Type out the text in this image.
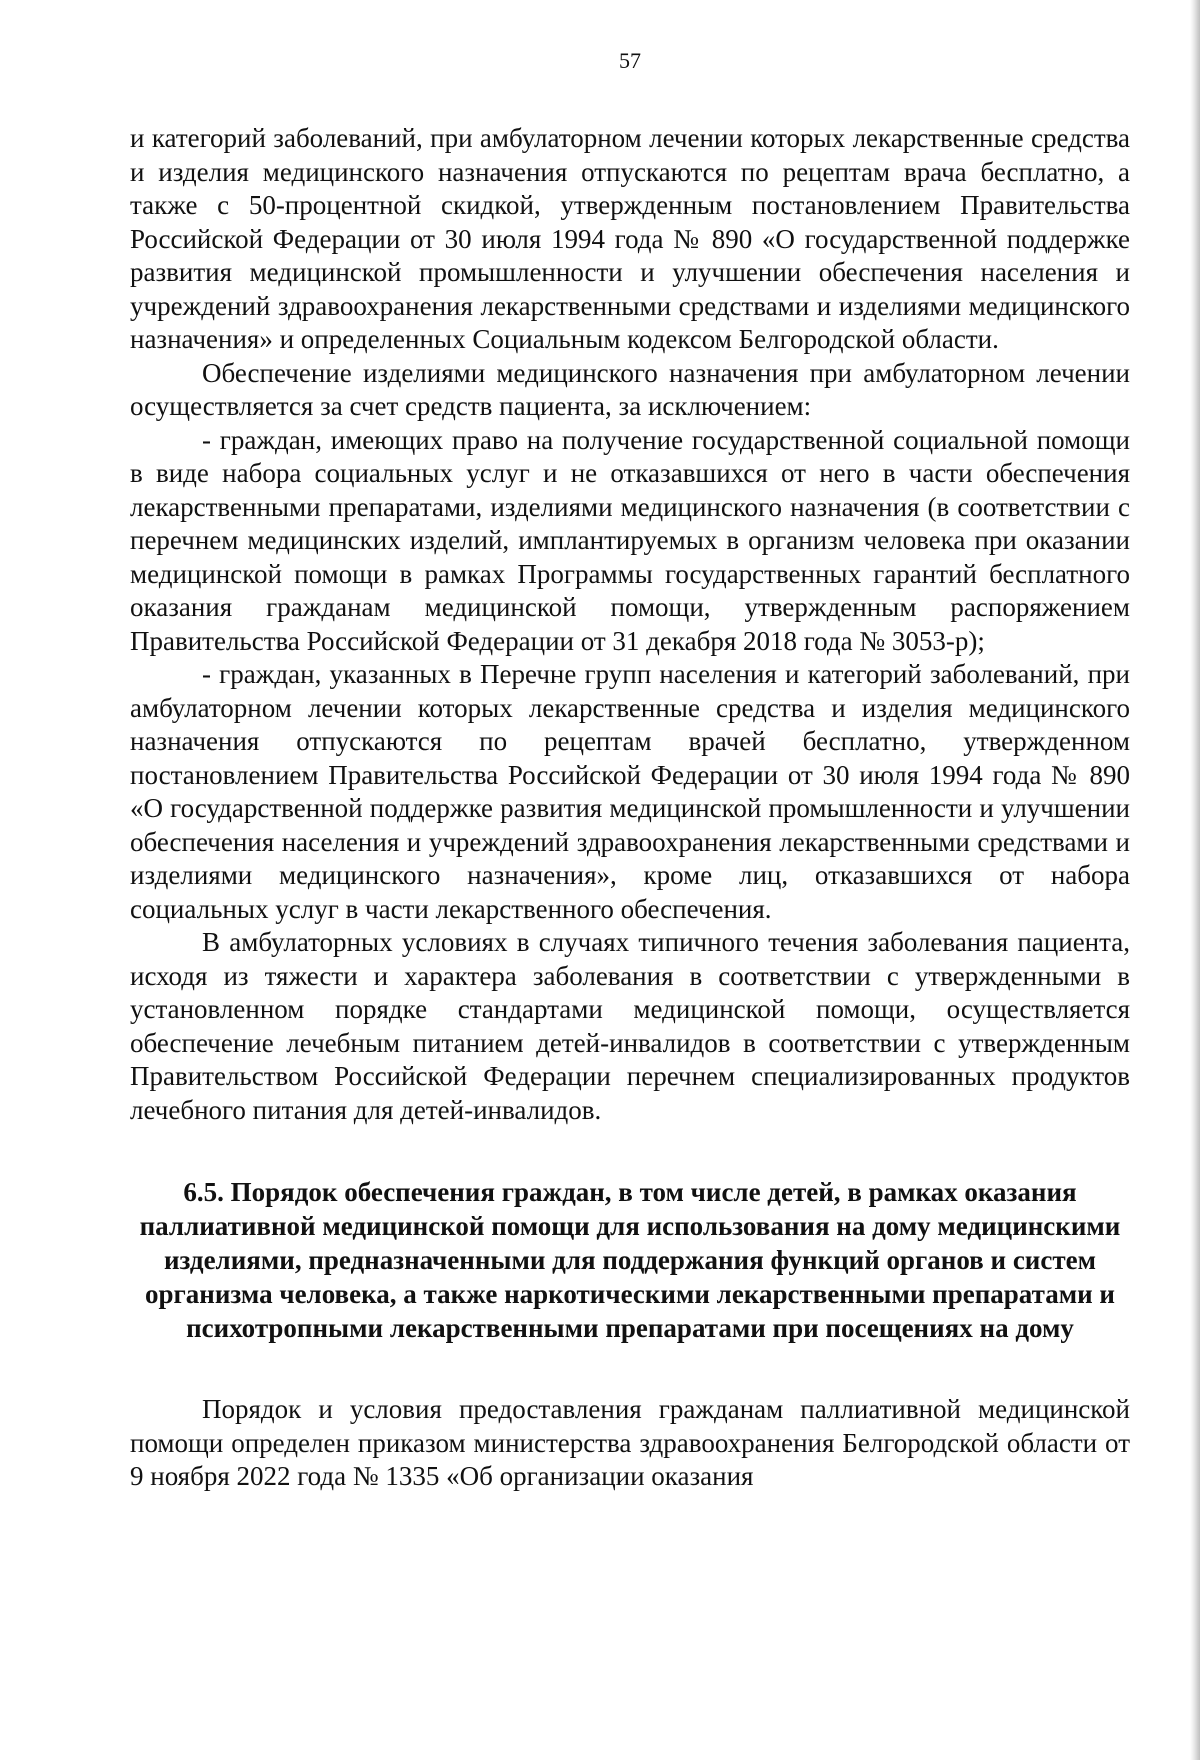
57

и категорий заболеваний, при амбулаторном лечении которых лекарственные средства и изделия медицинского назначения отпускаются по рецептам врача бесплатно, а также с 50-процентной скидкой, утвержденным постановлением Правительства Российской Федерации от 30 июля 1994 года № 890 «О государственной поддержке развития медицинской промышленности и улучшении обеспечения населения и учреждений здравоохранения лекарственными средствами и изделиями медицинского назначения» и определенных Социальным кодексом Белгородской области.

Обеспечение изделиями медицинского назначения при амбулаторном лечении осуществляется за счет средств пациента, за исключением:

- граждан, имеющих право на получение государственной социальной помощи в виде набора социальных услуг и не отказавшихся от него в части обеспечения лекарственными препаратами, изделиями медицинского назначения (в соответствии с перечнем медицинских изделий, имплантируемых в организм человека при оказании медицинской помощи в рамках Программы государственных гарантий бесплатного оказания гражданам медицинской помощи, утвержденным распоряжением Правительства Российской Федерации от 31 декабря 2018 года № 3053-р);

- граждан, указанных в Перечне групп населения и категорий заболеваний, при амбулаторном лечении которых лекарственные средства и изделия медицинского назначения отпускаются по рецептам врачей бесплатно, утвержденном постановлением Правительства Российской Федерации от 30 июля 1994 года № 890 «О государственной поддержке развития медицинской промышленности и улучшении обеспечения населения и учреждений здравоохранения лекарственными средствами и изделиями медицинского назначения», кроме лиц, отказавшихся от набора социальных услуг в части лекарственного обеспечения.

В амбулаторных условиях в случаях типичного течения заболевания пациента, исходя из тяжести и характера заболевания в соответствии с утвержденными в установленном порядке стандартами медицинской помощи, осуществляется обеспечение лечебным питанием детей-инвалидов в соответствии с утвержденным Правительством Российской Федерации перечнем специализированных продуктов лечебного питания для детей-инвалидов.

6.5. Порядок обеспечения граждан, в том числе детей, в рамках оказания паллиативной медицинской помощи для использования на дому медицинскими изделиями, предназначенными для поддержания функций органов и систем организма человека, а также наркотическими лекарственными препаратами и психотропными лекарственными препаратами при посещениях на дому

Порядок и условия предоставления гражданам паллиативной медицинской помощи определен приказом министерства здравоохранения Белгородской области от 9 ноября 2022 года № 1335 «Об организации оказания
